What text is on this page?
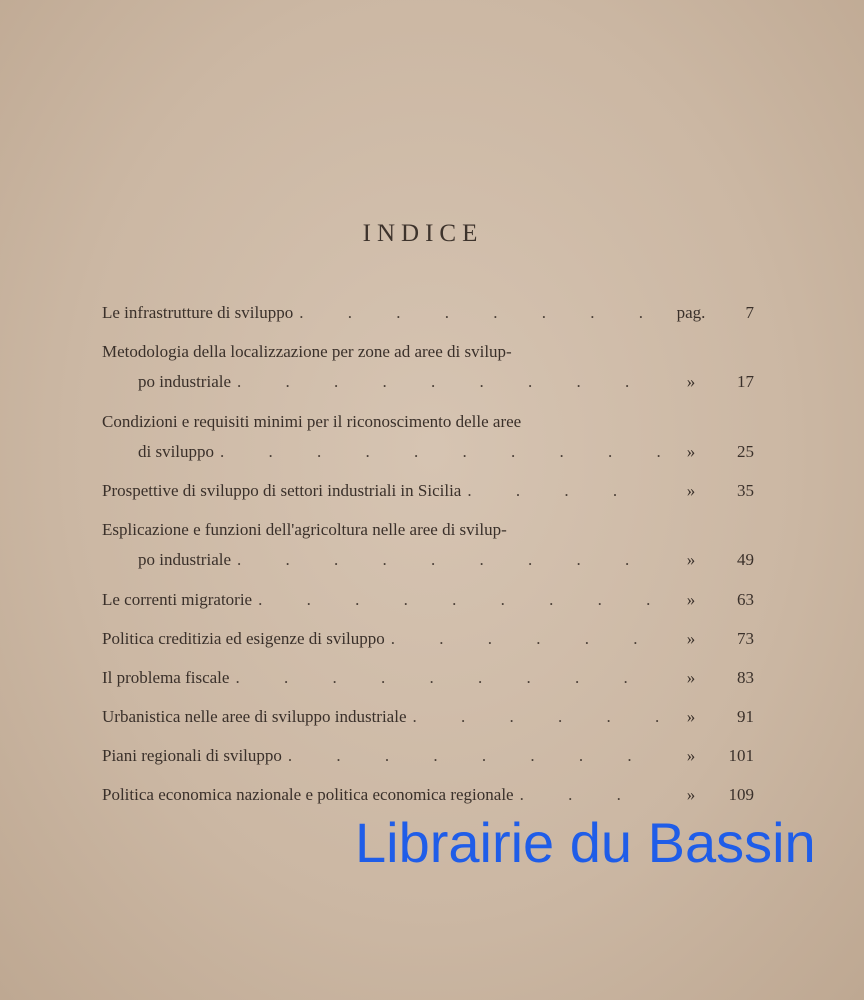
INDICE
Le infrastrutture di sviluppo . . .	pag.	7
Metodologia della localizzazione per zone ad aree di svilup-
po industriale . . .	»	17
Condizioni e requisiti minimi per il riconoscimento delle aree
di sviluppo . . .	»	25
Prospettive di sviluppo di settori industriali in Sicilia . . .	»	35
Esplicazione e funzioni dell'agricoltura nelle aree di svilup-
po industriale . . .	»	49
Le correnti migratorie . . .	»	63
Politica creditizia ed esigenze di sviluppo . . .	»	73
Il problema fiscale . . .	»	83
Urbanistica nelle aree di sviluppo industriale . . .	»	91
Piani regionali di sviluppo . . .	»	101
Politica economica nazionale e politica economica regionale . . .	»	109
Librairie du Bassin
